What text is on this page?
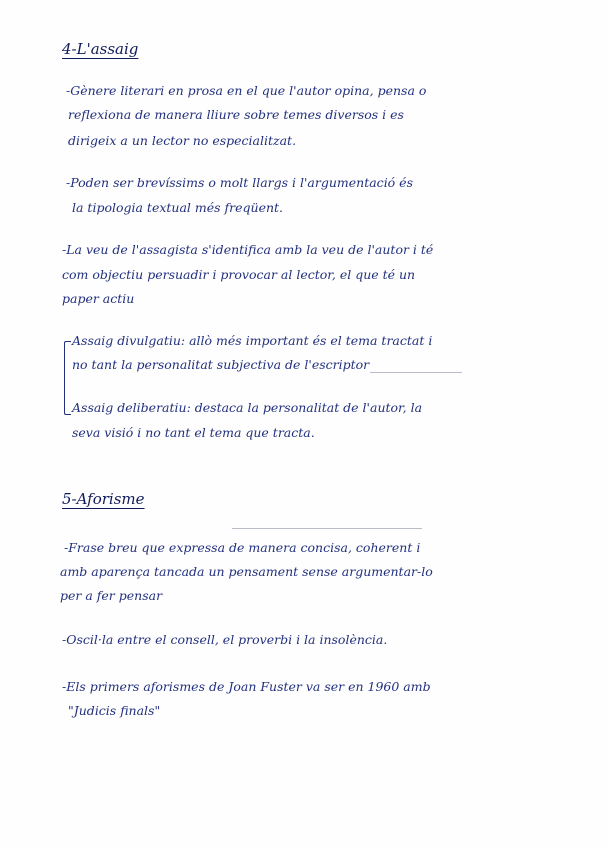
4-L'assaig
-Gènere literari en prosa en el que l'autor opina, pensa o
reflexiona de manera lliure sobre temes diversos i es
dirigeix a un lector no especialitzat.
-Poden ser brevíssims o molt llargs i l'argumentació és
la tipologia textual més freqüent.
-La veu de l'assagista s'identifica amb la veu de l'autor i té
com objectiu persuadir i provocar al lector, el que té un
paper actiu
Assaig divulgatiu: allò més important és el tema tractat i
no tant la personalitat subjectiva de l'escriptor
Assaig deliberatiu: destaca la personalitat de l'autor, la
seva visió i no tant el tema que tracta.
5-Aforisme
-Frase breu que expressa de manera concisa, coherent i
amb aparença tancada un pensament sense argumentar-lo
per a fer pensar
-Oscil·la entre el consell, el proverbi i la insolència.
-Els primers aforismes de Joan Fuster va ser en 1960 amb
"Judicis finals"
